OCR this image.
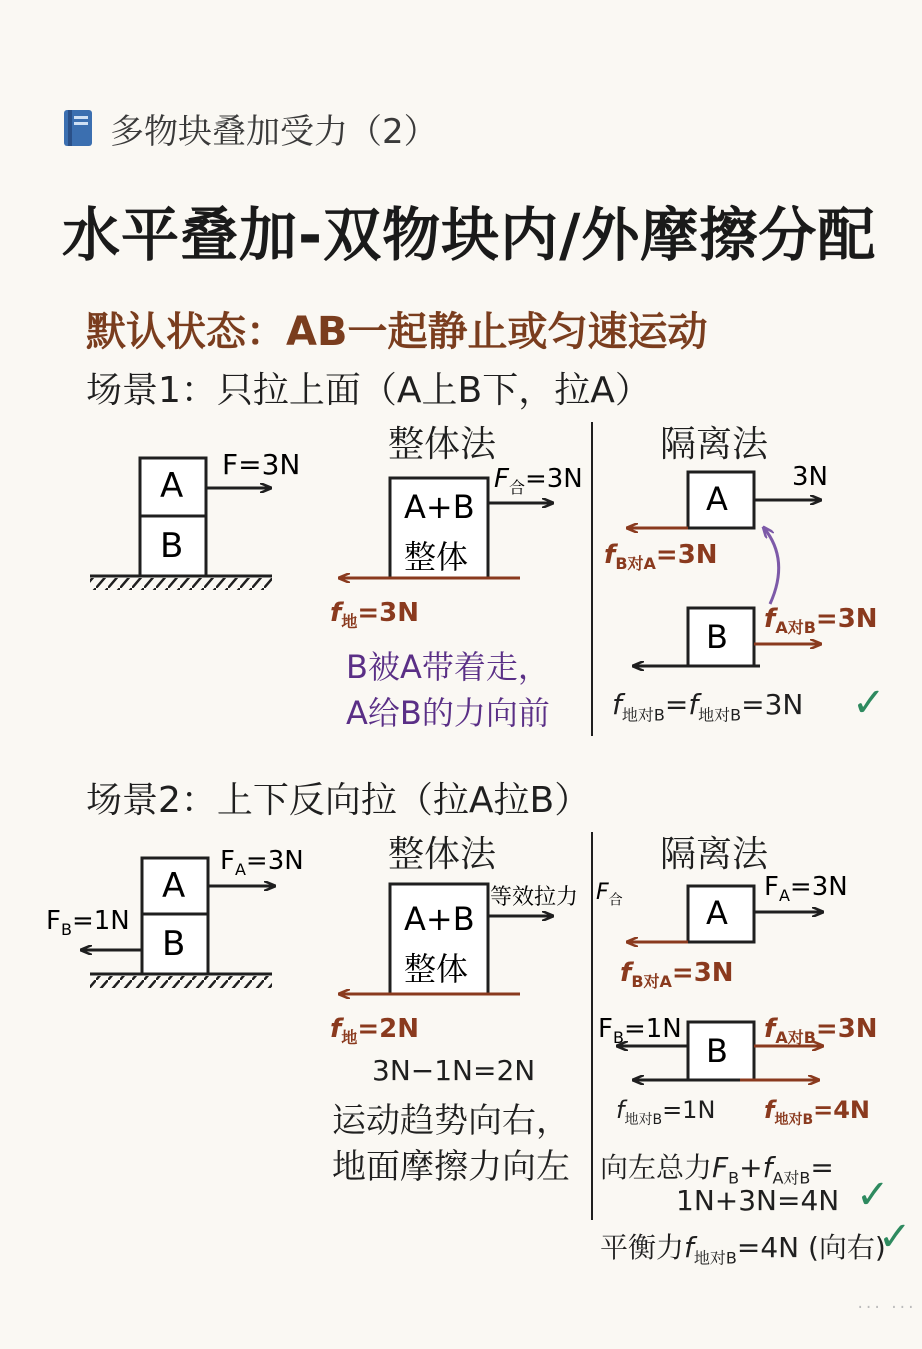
多物块叠加受力（2）
水平叠加-双物块内/外摩擦分配
默认状态：AB一起静止或匀速运动
场景1：只拉上面（A上B下，拉A）
整体法	隔离法
A
B
F=3N
A+B
整体
$F_合=3N$
$f_地=3N$
B被A带着走，
A给B的力向前
A
3N
$f_{B对A}=3N$
B $f_{A对B}=3N$
$f_{地对B}=f_{地对B}=3N$ ✓
场景2：上下反向拉（拉A拉B）
整体法	隔离法
A
B
$F_A=3N$
$F_B=1N$	A+B
整体
等效拉力 $F_合$
$f_地=2N$
3N−1N=2N
运动趋势向右，
地面摩擦力向左
A
$F_A=3N$
$f_{B对A}=3N$
B
$F_B=1N$	$f_{A对B}=3N$
$f_{地对B}=1N$ $f_{地对B}=4N$
向左总力$F_B+f_{A对B}=$
1N+3N=4N ✓
平衡力$f_{地对B}=4N$ (向右)
✓
··· ···
